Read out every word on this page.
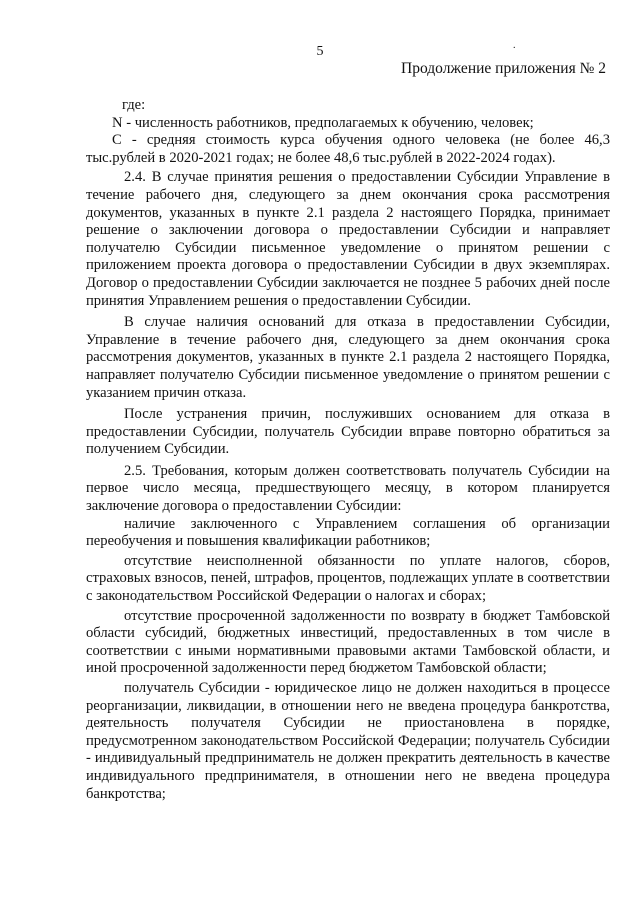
5	.
Продолжение приложения № 2

где:

N - численность работников, предполагаемых к обучению, человек;

С - средняя стоимость курса обучения одного человека (не более 46,3 тыс.рублей в 2020-2021 годах; не более 48,6 тыс.рублей в 2022-2024 годах).

2.4. В случае принятия решения о предоставлении Субсидии Управление в течение рабочего дня, следующего за днем окончания срока рассмотрения документов, указанных в пункте 2.1 раздела 2 настоящего Порядка, принимает решение о заключении договора о предоставлении Субсидии и направляет получателю Субсидии письменное уведомление о принятом решении с приложением проекта договора о предоставлении Субсидии в двух экземплярах. Договор о предоставлении Субсидии заключается не позднее 5 рабочих дней после принятия Управлением решения о предоставлении Субсидии.

В случае наличия оснований для отказа в предоставлении Субсидии, Управление в течение рабочего дня, следующего за днем окончания срока рассмотрения документов, указанных в пункте 2.1 раздела 2 настоящего Порядка, направляет получателю Субсидии письменное уведомление о принятом решении с указанием причин отказа.

После устранения причин, послуживших основанием для отказа в предоставлении Субсидии, получатель Субсидии вправе повторно обратиться за получением Субсидии.

2.5. Требования, которым должен соответствовать получатель Субсидии на первое число месяца, предшествующего месяцу, в котором планируется заключение договора о предоставлении Субсидии:

наличие заключенного с Управлением соглашения об организации переобучения и повышения квалификации работников;

отсутствие неисполненной обязанности по уплате налогов, сборов, страховых взносов, пеней, штрафов, процентов, подлежащих уплате в соответствии с законодательством Российской Федерации о налогах и сборах;

отсутствие просроченной задолженности по возврату в бюджет Тамбовской области субсидий, бюджетных инвестиций, предоставленных в том числе в соответствии с иными нормативными правовыми актами Тамбовской области, и иной просроченной задолженности перед бюджетом Тамбовской области;

получатель Субсидии - юридическое лицо не должен находиться в процессе реорганизации, ликвидации, в отношении него не введена процедура банкротства, деятельность получателя Субсидии не приостановлена в порядке, предусмотренном законодательством Российской Федерации; получатель Субсидии - индивидуальный предприниматель не должен прекратить деятельность в качестве индивидуального предпринимателя, в отношении него не введена процедура банкротства;
